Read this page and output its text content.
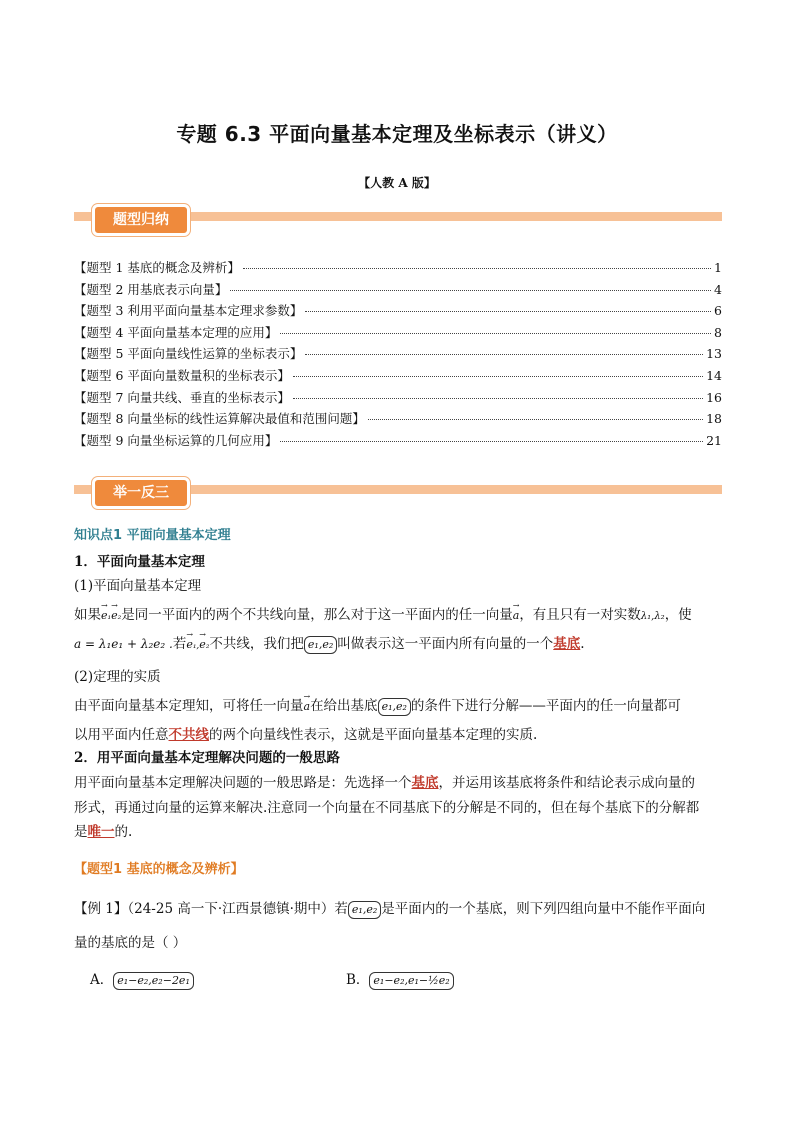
专题 6.3 平面向量基本定理及坐标表示（讲义）
【人教 A 版】
题型归纳
【题型 1 基底的概念及辨析】	1
【题型 2 用基底表示向量】	4
【题型 3 利用平面向量基本定理求参数】	6
【题型 4 平面向量基本定理的应用】	8
【题型 5 平面向量线性运算的坐标表示】	13
【题型 6 平面向量数量积的坐标表示】	14
【题型 7 向量共线、垂直的坐标表示】	16
【题型 8 向量坐标的线性运算解决最值和范围问题】	18
【题型 9 向量坐标运算的几何应用】	21
举一反三
知识点1 平面向量基本定理
1．平面向量基本定理
(1)平面向量基本定理
如果→ e₁→ e₂是同一平面内的两个不共线向量，那么对于这一平面内的任一向量→ a，有且只有一对实数λ₁,λ₂，使
a = λ₁e₁ + λ₂e₂ .若→ e₁,→ e₂不共线，我们把 e₁,e₂ 叫做表示这一平面内所有向量的一个基底.
(2)定理的实质
由平面向量基本定理知，可将任一向量→ a在给出基底 e₁,e₂ 的条件下进行分解——平面内的任一向量都可
以用平面内任意不共线的两个向量线性表示，这就是平面向量基本定理的实质.
2．用平面向量基本定理解决问题的一般思路
用平面向量基本定理解决问题的一般思路是：先选择一个基底，并运用该基底将条件和结论表示成向量的
形式，再通过向量的运算来解决.注意同一个向量在不同基底下的分解是不同的，但在每个基底下的分解都
是唯一的.
【题型1 基底的概念及辨析】
【例 1】（24-25 高一下·江西景德镇·期中）若 e₁,e₂ 是平面内的一个基底，则下列四组向量中不能作平面向
量的基底的是（ ）
A． e₁−e₂,e₂−2e₁	B． e₁−e₂,e₁−½e₂
